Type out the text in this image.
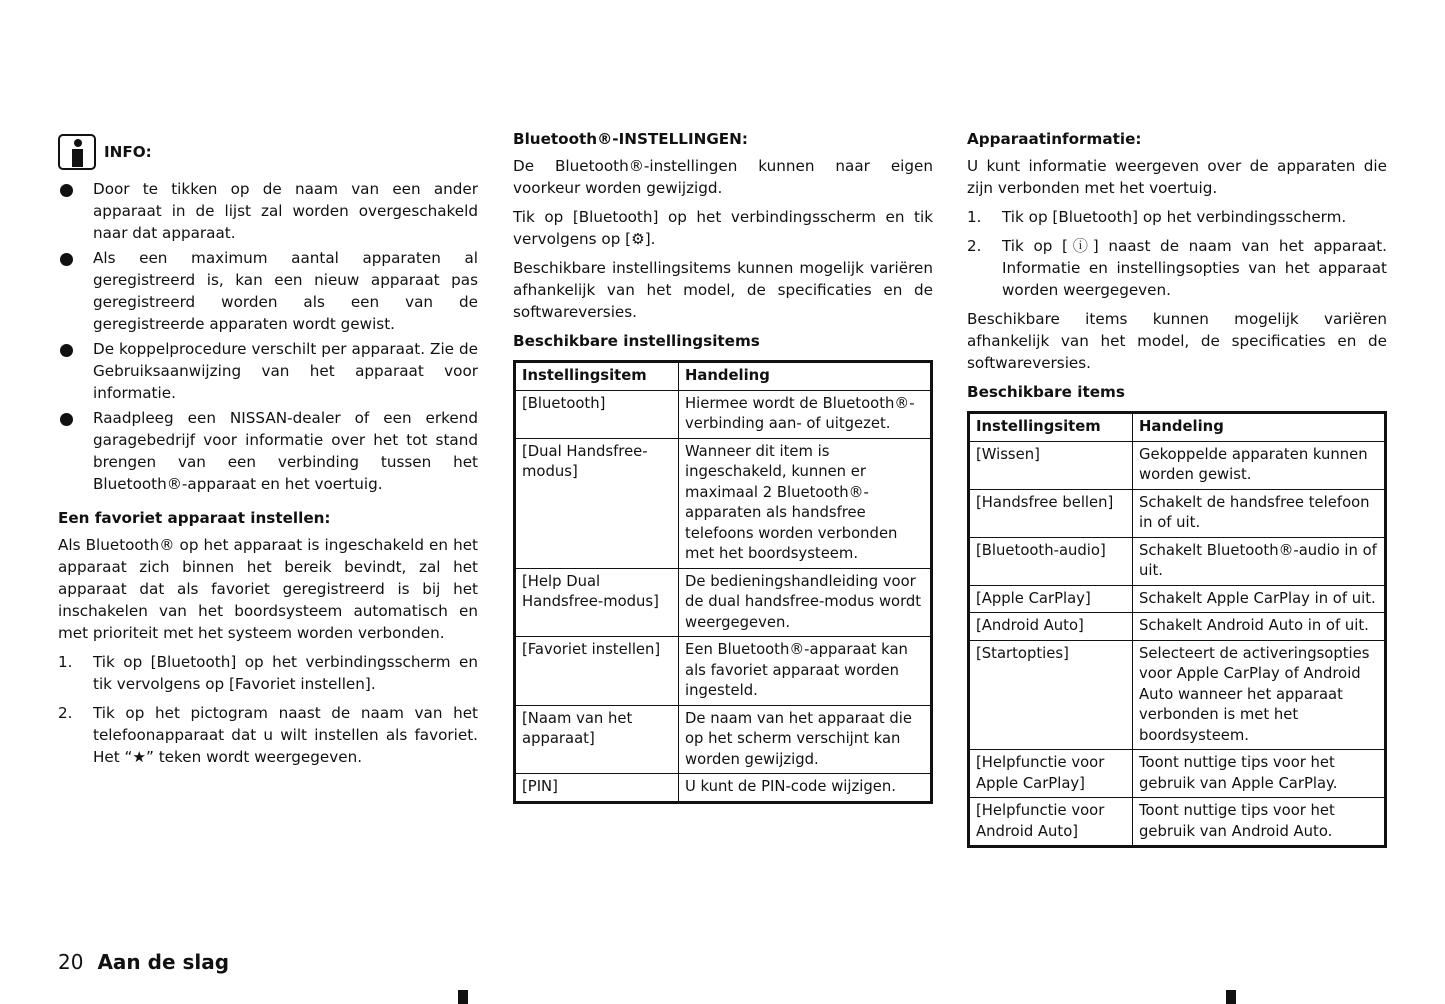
INFO:
Door te tikken op de naam van een ander apparaat in de lijst zal worden overgeschakeld naar dat apparaat.
Als een maximum aantal apparaten al geregistreerd is, kan een nieuw apparaat pas geregistreerd worden als een van de geregistreerde apparaten wordt gewist.
De koppelprocedure verschilt per apparaat. Zie de Gebruiksaanwijzing van het apparaat voor informatie.
Raadpleeg een NISSAN-dealer of een erkend garagebedrijf voor informatie over het tot stand brengen van een verbinding tussen het Bluetooth®-apparaat en het voertuig.
Een favoriet apparaat instellen:

Als Bluetooth® op het apparaat is ingeschakeld en het apparaat zich binnen het bereik bevindt, zal het apparaat dat als favoriet geregistreerd is bij het inschakelen van het boordsysteem automatisch en met prioriteit met het systeem worden verbonden.

1. Tik op [Bluetooth] op het verbindingsscherm en tik vervolgens op [Favoriet instellen].
2. Tik op het pictogram naast de naam van het telefoonapparaat dat u wilt instellen als favoriet. Het “★” teken wordt weergegeven.
Bluetooth®-INSTELLINGEN:

De Bluetooth®-instellingen kunnen naar eigen voorkeur worden gewijzigd.

Tik op [Bluetooth] op het verbindingsscherm en tik vervolgens op [⚙].

Beschikbare instellingsitems kunnen mogelijk variëren afhankelijk van het model, de specificaties en de softwareversies.

Beschikbare instellingsitems
Instellingsitem	Handeling
[Bluetooth]	Hiermee wordt de Bluetooth®-verbinding aan- of uitgezet.
[Dual Handsfree-modus]	Wanneer dit item is ingeschakeld, kunnen er maximaal 2 Bluetooth®-apparaten als handsfree telefoons worden verbonden met het boordsysteem.
[Help Dual Handsfree-modus]	De bedieningshandleiding voor de dual handsfree-modus wordt weergegeven.
[Favoriet instellen]	Een Bluetooth®-apparaat kan als favoriet apparaat worden ingesteld.
[Naam van het apparaat]	De naam van het apparaat die op het scherm verschijnt kan worden gewijzigd.
[PIN]	U kunt de PIN-code wijzigen.
Apparaatinformatie:

U kunt informatie weergeven over de apparaten die zijn verbonden met het voertuig.

1. Tik op [Bluetooth] op het verbindingsscherm.
2. Tik op [ⓘ] naast de naam van het apparaat. Informatie en instellingsopties van het apparaat worden weergegeven.

Beschikbare items kunnen mogelijk variëren afhankelijk van het model, de specificaties en de softwareversies.

Beschikbare items
Instellingsitem	Handeling
[Wissen]	Gekoppelde apparaten kunnen worden gewist.
[Handsfree bellen]	Schakelt de handsfree telefoon in of uit.
[Bluetooth-audio]	Schakelt Bluetooth®-audio in of uit.
[Apple CarPlay]	Schakelt Apple CarPlay in of uit.
[Android Auto]	Schakelt Android Auto in of uit.
[Startopties]	Selecteert de activeringsopties voor Apple CarPlay of Android Auto wanneer het apparaat verbonden is met het boordsysteem.
[Helpfunctie voor Apple CarPlay]	Toont nuttige tips voor het gebruik van Apple CarPlay.
[Helpfunctie voor Android Auto]	Toont nuttige tips voor het gebruik van Android Auto.
20 Aan de slag
